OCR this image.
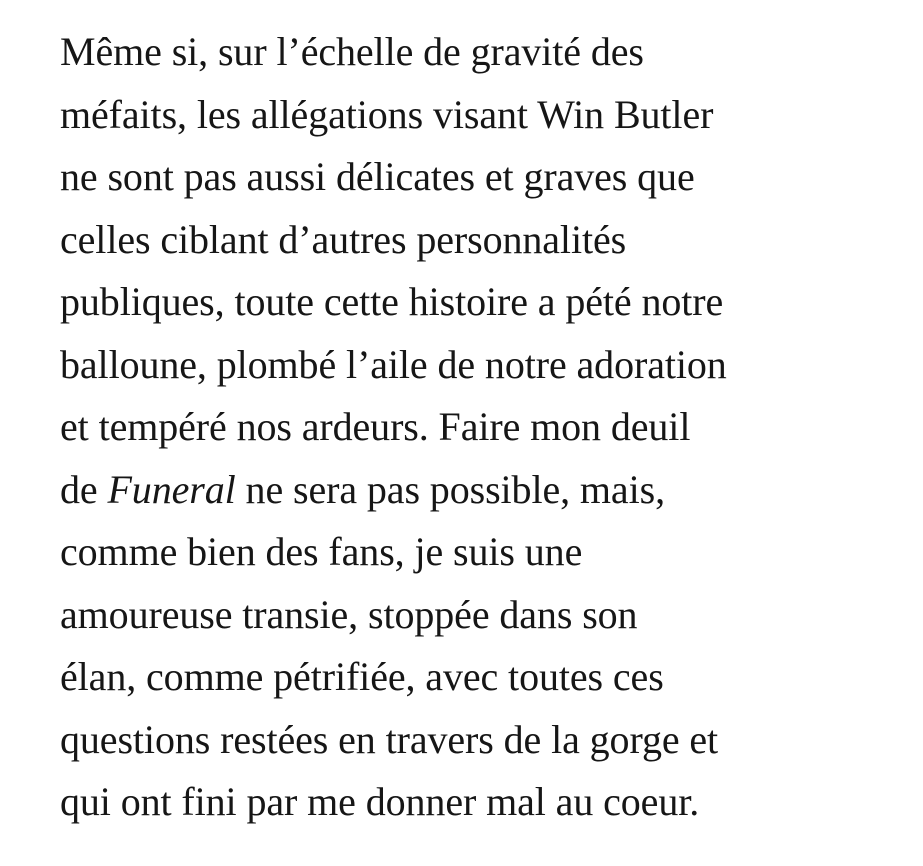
Même si, sur l’échelle de gravité des
méfaits, les allégations visant Win Butler
ne sont pas aussi délicates et graves que
celles ciblant d’autres personnalités
publiques, toute cette histoire a pété notre
balloune, plombé l’aile de notre adoration
et tempéré nos ardeurs. Faire mon deuil
de Funeral ne sera pas possible, mais,
comme bien des fans, je suis une
amoureuse transie, stoppée dans son
élan, comme pétrifiée, avec toutes ces
questions restées en travers de la gorge et
qui ont fini par me donner mal au coeur.
